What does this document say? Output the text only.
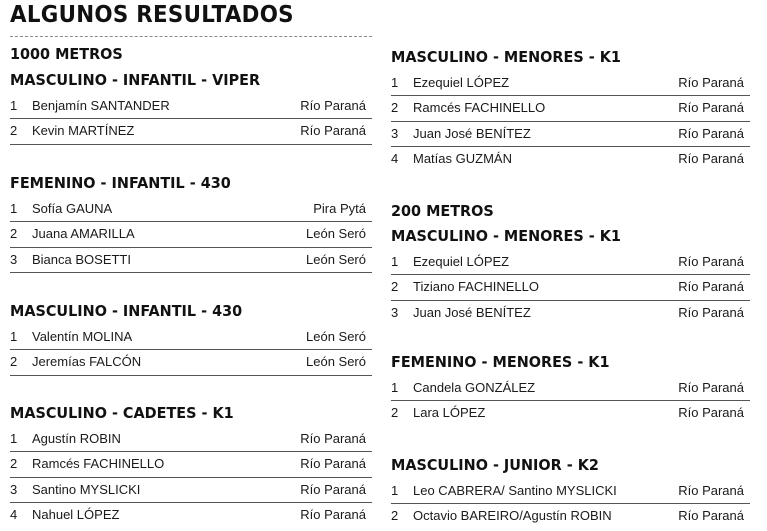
ALGUNOS RESULTADOS
1000 METROS
MASCULINO - INFANTIL - VIPER
1 Benjamín SANTANDER	Río Paraná
2 Kevin MARTÍNEZ	Río Paraná
FEMENINO - INFANTIL - 430
1 Sofía GAUNA	Pira Pytá
2 Juana AMARILLA	León Seró
3 Bianca BOSETTI	León Seró
MASCULINO - INFANTIL - 430
1 Valentín MOLINA	León Seró
2 Jeremías FALCÓN	León Seró
MASCULINO - CADETES - K1
1 Agustín ROBIN	Río Paraná
2 Ramcés FACHINELLO	Río Paraná
3 Santino MYSLICKI	Río Paraná
4 Nahuel LÓPEZ	Río Paraná
MASCULINO - MENORES - K1
1 Ezequiel LÓPEZ	Río Paraná
2 Ramcés FACHINELLO	Río Paraná
3 Juan José BENÍTEZ	Río Paraná
4 Matías GUZMÁN	Río Paraná
200 METROS
MASCULINO - MENORES - K1
1 Ezequiel LÓPEZ	Río Paraná
2 Tiziano FACHINELLO	Río Paraná
3 Juan José BENÍTEZ	Río Paraná
FEMENINO - MENORES - K1
1 Candela GONZÁLEZ	Río Paraná
2 Lara LÓPEZ	Río Paraná
MASCULINO - JUNIOR - K2
1 Leo CABRERA/ Santino MYSLICKI	Río Paraná
2 Octavio BAREIRO/Agustín ROBIN	Río Paraná
